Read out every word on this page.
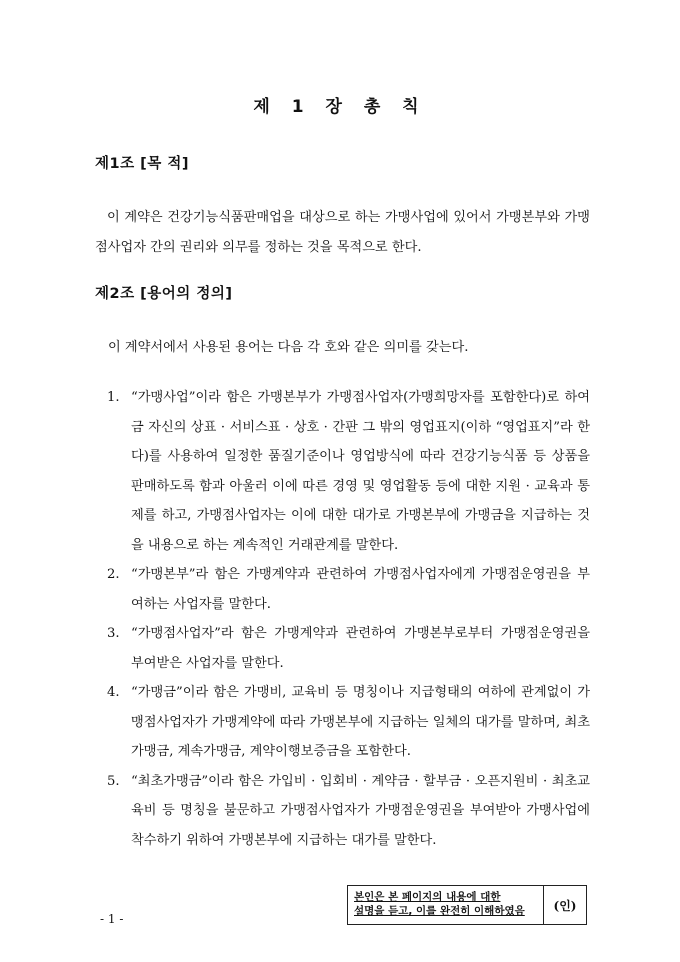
제 1 장 총 칙
제1조 [목 적]
이 계약은 건강기능식품판매업을 대상으로 하는 가맹사업에 있어서 가맹본부와 가맹점사업자 간의 권리와 의무를 정하는 것을 목적으로 한다.
제2조 [용어의 정의]
이 계약서에서 사용된 용어는 다음 각 호와 같은 의미를 갖는다.
1. “가맹사업”이라 함은 가맹본부가 가맹점사업자(가맹희망자를 포함한다)로 하여금 자신의 상표 · 서비스표 · 상호 · 간판 그 밖의 영업표지(이하 “영업표지”라 한다)를 사용하여 일정한 품질기준이나 영업방식에 따라 건강기능식품 등 상품을 판매하도록 함과 아울러 이에 따른 경영 및 영업활동 등에 대한 지원 · 교육과 통제를 하고, 가맹점사업자는 이에 대한 대가로 가맹본부에 가맹금을 지급하는 것을 내용으로 하는 계속적인 거래관계를 말한다.
2. “가맹본부”라 함은 가맹계약과 관련하여 가맹점사업자에게 가맹점운영권을 부여하는 사업자를 말한다.
3. “가맹점사업자”라 함은 가맹계약과 관련하여 가맹본부로부터 가맹점운영권을 부여받은 사업자를 말한다.
4. “가맹금”이라 함은 가맹비, 교육비 등 명칭이나 지급형태의 여하에 관계없이 가맹점사업자가 가맹계약에 따라 가맹본부에 지급하는 일체의 대가를 말하며, 최초가맹금, 계속가맹금, 계약이행보증금을 포함한다.
5. “최초가맹금”이라 함은 가입비 · 입회비 · 계약금 · 할부금 · 오픈지원비 · 최초교육비 등 명칭을 불문하고 가맹점사업자가 가맹점운영권을 부여받아 가맹사업에 착수하기 위하여 가맹본부에 지급하는 대가를 말한다.
- 1 -
본인은 본 페이지의 내용에 대한
설명을 듣고, 이를 완전히 이해하였음	(인)
